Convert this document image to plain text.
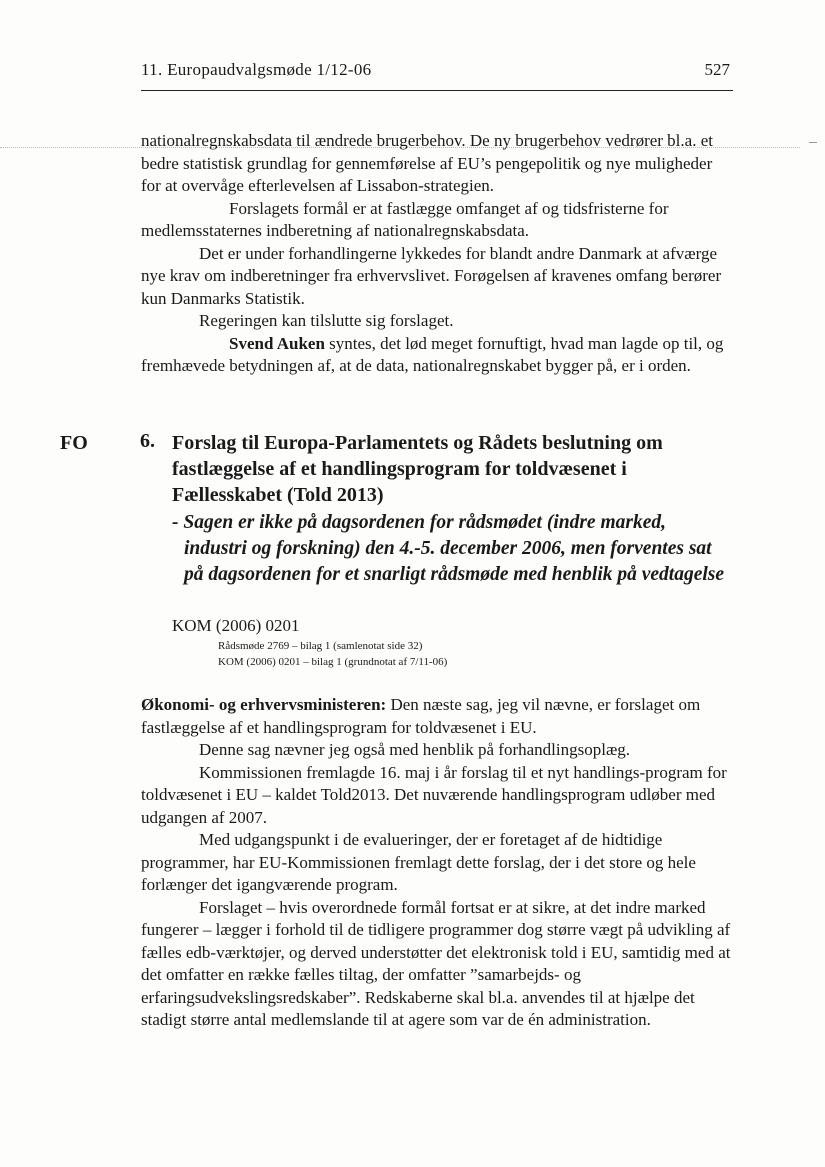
11. Europaudvalgsmøde 1/12-06	527

nationalregnskabsdata til ændrede brugerbehov. De ny brugerbehov vedrører bl.a. et bedre statistisk grundlag for gennemførelse af EU’s pengepolitik og nye muligheder for at overvåge efterlevelsen af Lissabon-strategien.

Forslagets formål er at fastlægge omfanget af og tidsfristerne for medlemsstaternes indberetning af nationalregnskabsdata.

Det er under forhandlingerne lykkedes for blandt andre Danmark at afværge nye krav om indberetninger fra erhvervslivet. Forøgelsen af kravenes omfang berører kun Danmarks Statistik.

Regeringen kan tilslutte sig forslaget.

Svend Auken syntes, det lød meget fornuftigt, hvad man lagde op til, og fremhævede betydningen af, at de data, nationalregnskabet bygger på, er i orden.

FO	6. Forslag til Europa-Parlamentets og Rådets beslutning om fastlæggelse af et handlingsprogram for toldvæsenet i Fællesskabet (Told 2013)
- Sagen er ikke på dagsordenen for rådsmødet (indre marked,
industri og forskning) den 4.-5. december 2006, men forventes sat på dagsordenen for et snarligt rådsmøde med henblik på vedtagelse
KOM (2006) 0201
Rådsmøde 2769 – bilag 1 (samlenotat side 32)
KOM (2006) 0201 – bilag 1 (grundnotat af 7/11-06)

Økonomi- og erhvervsministeren: Den næste sag, jeg vil nævne, er forslaget om fastlæggelse af et handlingsprogram for toldvæsenet i EU.

Denne sag nævner jeg også med henblik på forhandlingsoplæg.

Kommissionen fremlagde 16. maj i år forslag til et nyt handlings-program for toldvæsenet i EU – kaldet Told2013. Det nuværende handlingsprogram udløber med udgangen af 2007.

Med udgangspunkt i de evalueringer, der er foretaget af de hidtidige programmer, har EU-Kommissionen fremlagt dette forslag, der i det store og hele forlænger det igangværende program.

Forslaget – hvis overordnede formål fortsat er at sikre, at det indre marked fungerer – lægger i forhold til de tidligere programmer dog større vægt på udvikling af fælles edb-værktøjer, og derved understøtter det elektronisk told i EU, samtidig med at det omfatter en række fælles tiltag, der omfatter ”samarbejds- og erfaringsudvekslingsredskaber”. Redskaberne skal bl.a. anvendes til at hjælpe det stadigt større antal medlemslande til at agere som var de én administration.
